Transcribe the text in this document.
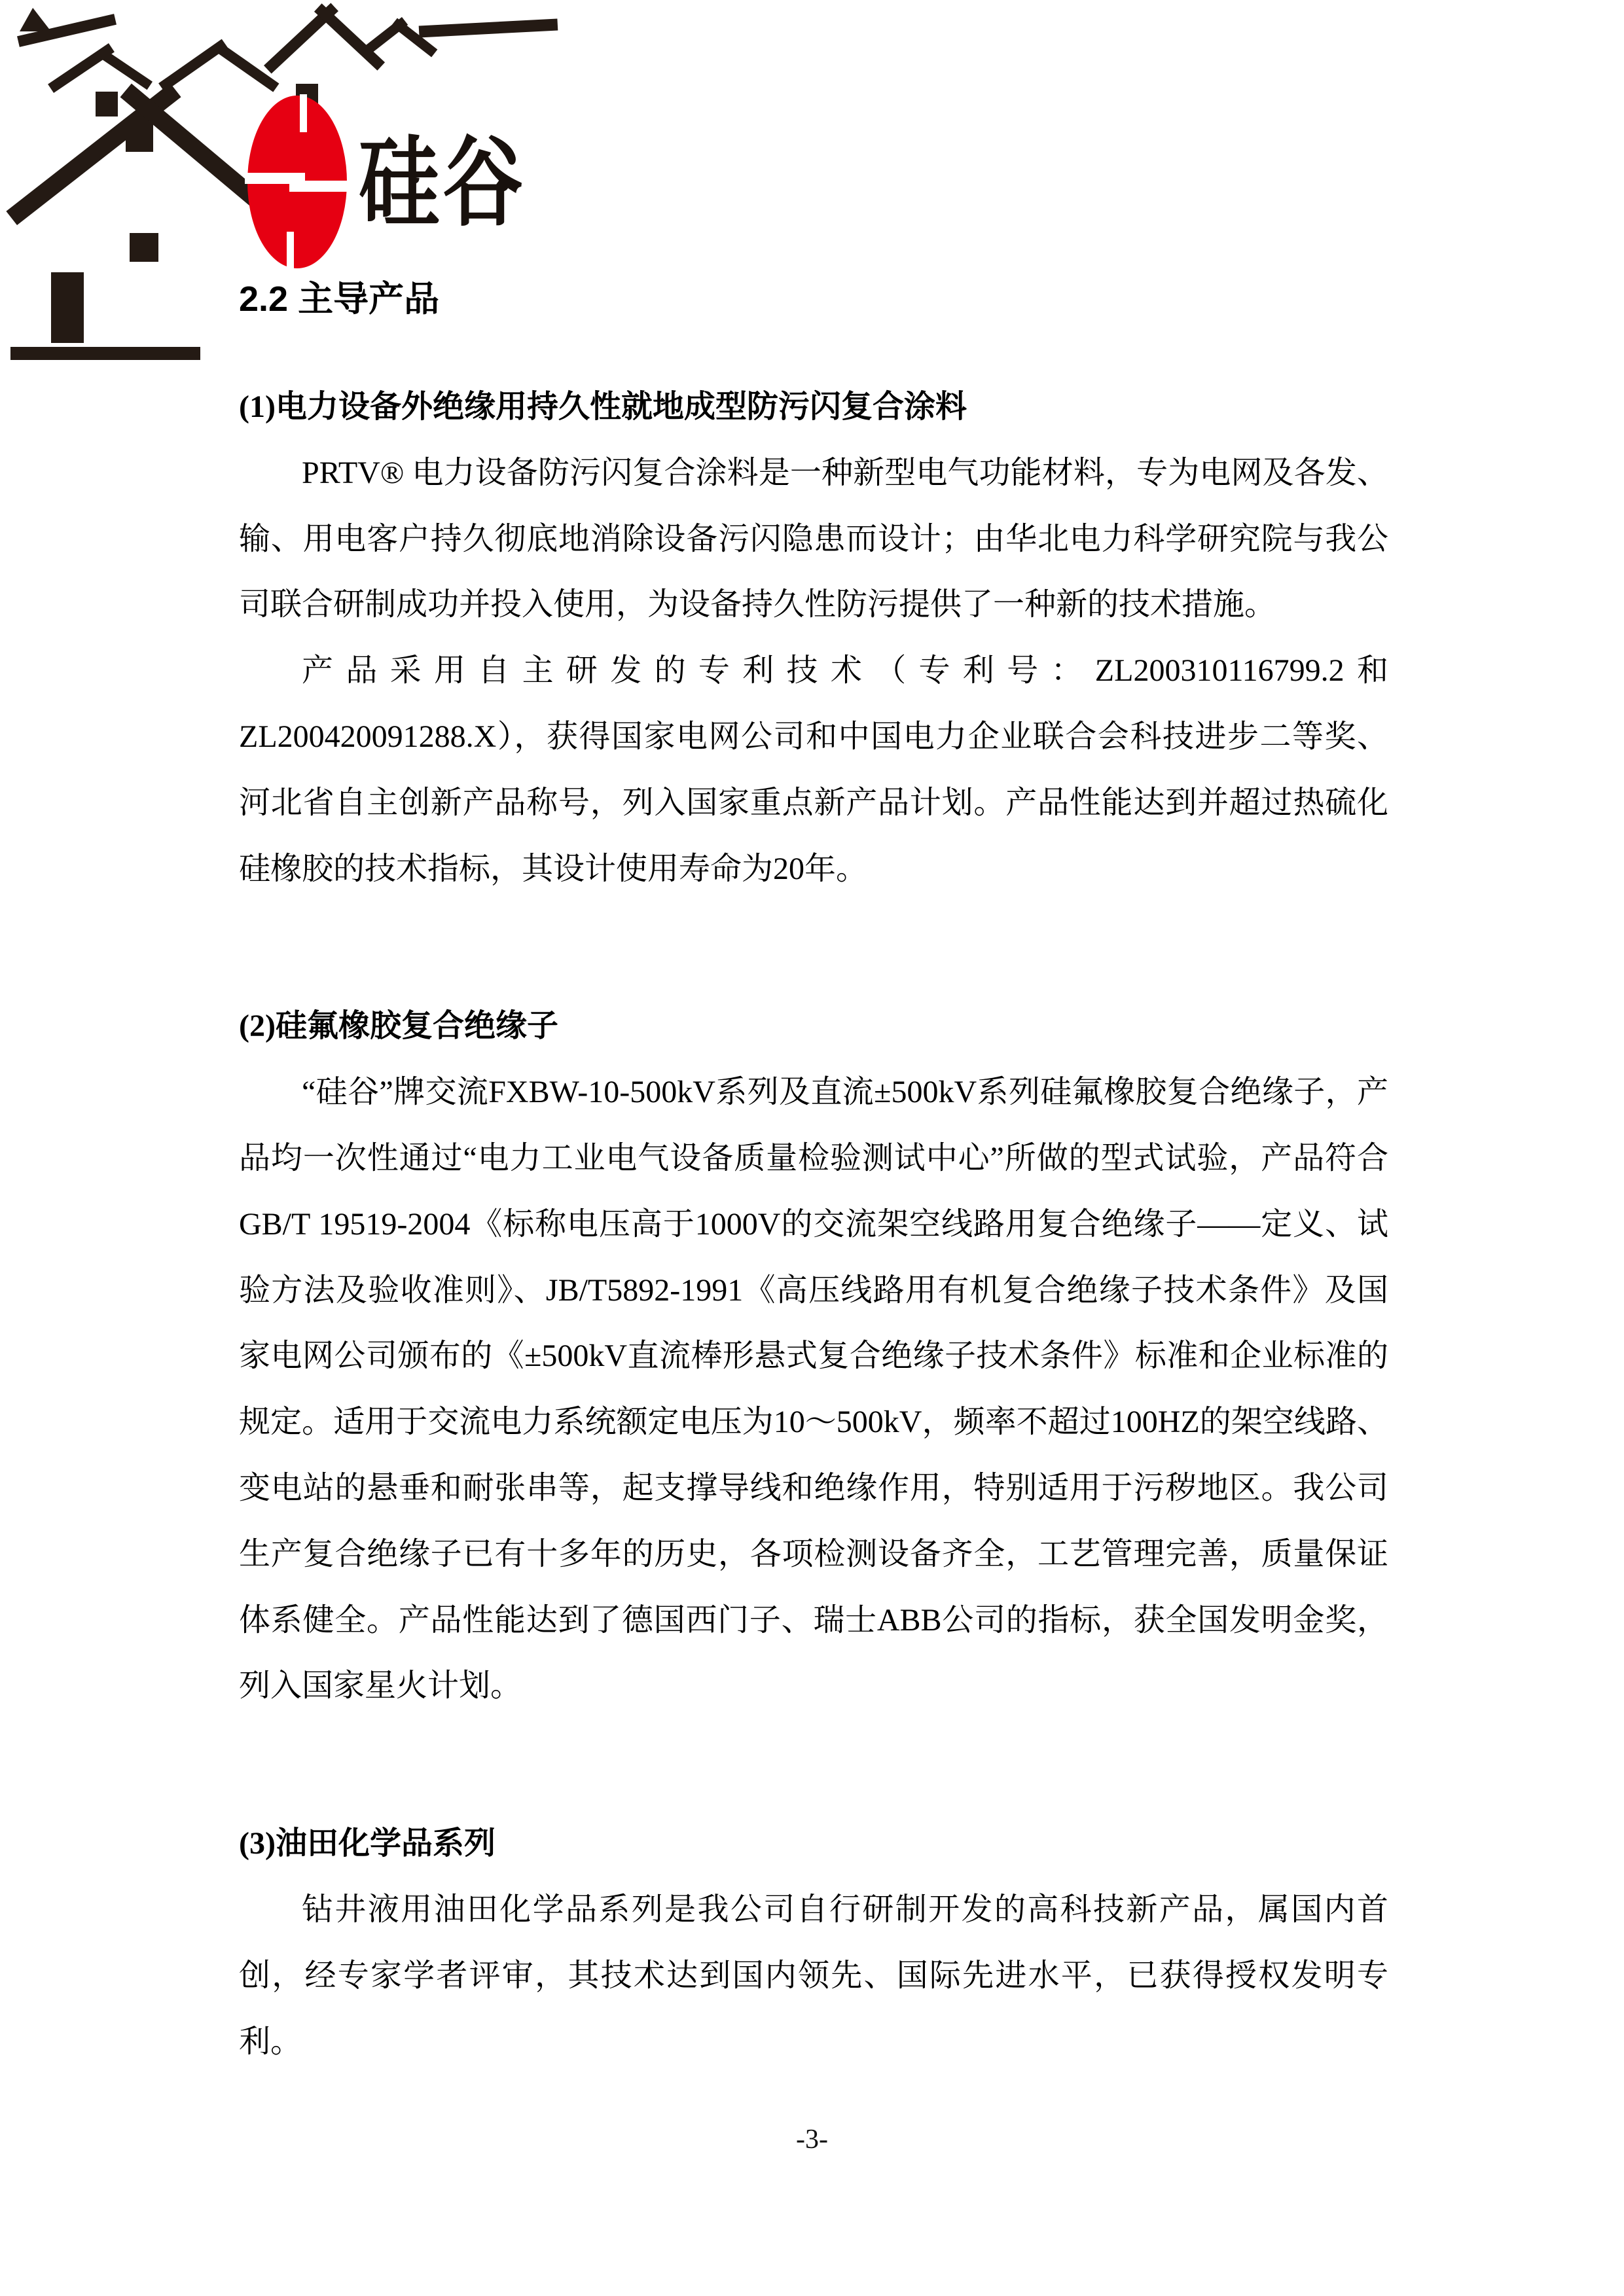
硅谷
2.2 主导产品
(1)电力设备外绝缘用持久性就地成型防污闪复合涂料

PRTV® 电力设备防污闪复合涂料是一种新型电气功能材料，专为电网及各发、输、用电客户持久彻底地消除设备污闪隐患而设计；由华北电力科学研究院与我公司联合研制成功并投入使用，为设备持久性防污提供了一种新的技术措施。

产品采用自主研发的专利技术（专利号：ZL200310116799.2和ZL200420091288.X），获得国家电网公司和中国电力企业联合会科技进步二等奖、河北省自主创新产品称号，列入国家重点新产品计划。产品性能达到并超过热硫化硅橡胶的技术指标，其设计使用寿命为20年。

(2)硅氟橡胶复合绝缘子

“硅谷”牌交流FXBW-10-500kV系列及直流±500kV系列硅氟橡胶复合绝缘子，产品均一次性通过“电力工业电气设备质量检验测试中心”所做的型式试验，产品符合GB/T 19519-2004《标称电压高于1000V的交流架空线路用复合绝缘子——定义、试验方法及验收准则》、JB/T5892-1991《高压线路用有机复合绝缘子技术条件》及国家电网公司颁布的《±500kV直流棒形悬式复合绝缘子技术条件》标准和企业标准的规定。适用于交流电力系统额定电压为10～500kV，频率不超过100HZ的架空线路、变电站的悬垂和耐张串等，起支撑导线和绝缘作用，特别适用于污秽地区。我公司生产复合绝缘子已有十多年的历史，各项检测设备齐全，工艺管理完善，质量保证体系健全。产品性能达到了德国西门子、瑞士ABB公司的指标，获全国发明金奖，列入国家星火计划。

(3)油田化学品系列

钻井液用油田化学品系列是我公司自行研制开发的高科技新产品，属国内首创，经专家学者评审，其技术达到国内领先、国际先进水平，已获得授权发明专利。

-3-
